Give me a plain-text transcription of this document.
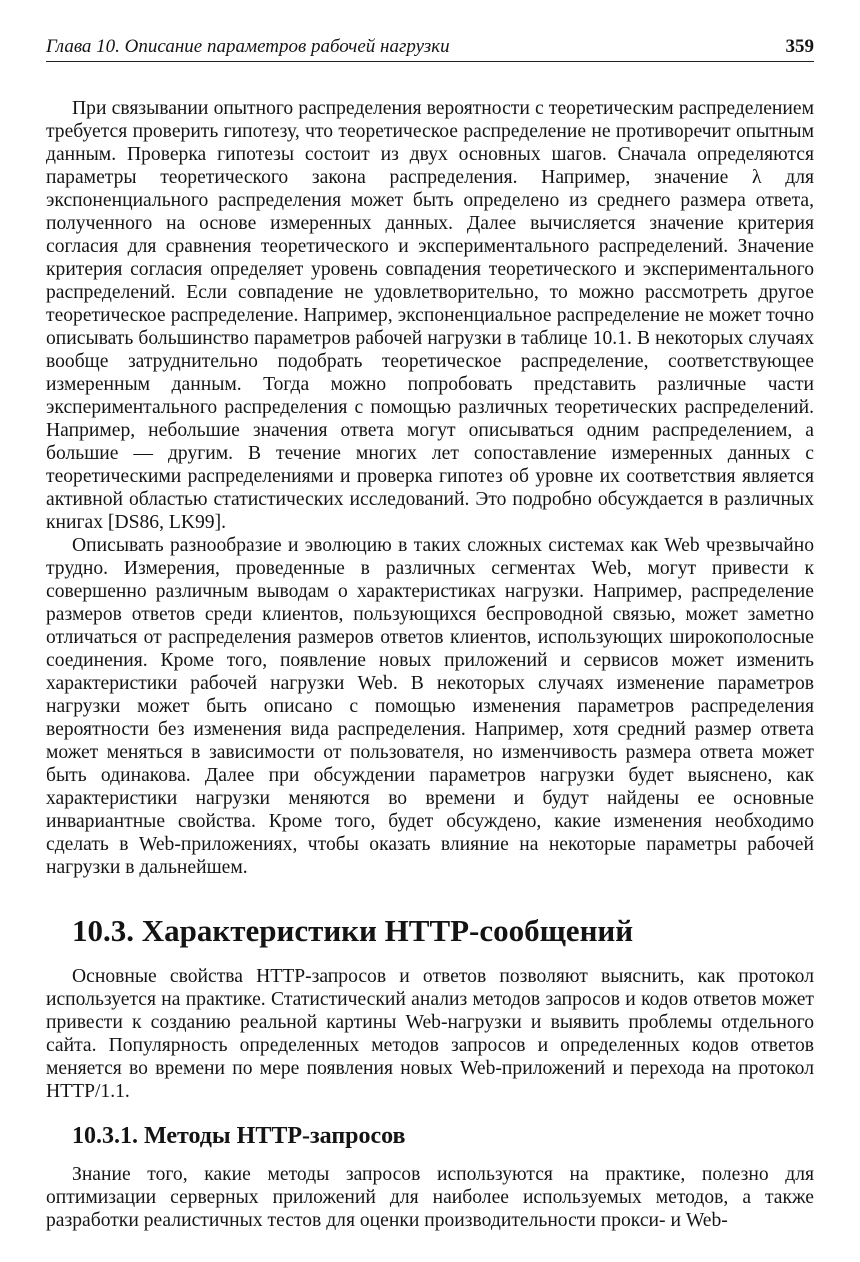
Глава 10. Описание параметров рабочей нагрузки	359

При связывании опытного распределения вероятности с теоретическим распределением требуется проверить гипотезу, что теоретическое распределение не противоречит опытным данным. Проверка гипотезы состоит из двух основных шагов. Сначала определяются параметры теоретического закона распределения. Например, значение λ для экспоненциального распределения может быть определено из среднего размера ответа, полученного на основе измеренных данных. Далее вычисляется значение критерия согласия для сравнения теоретического и экспериментального распределений. Значение критерия согласия определяет уровень совпадения теоретического и экспериментального распределений. Если совпадение не удовлетворительно, то можно рассмотреть другое теоретическое распределение. Например, экспоненциальное распределение не может точно описывать большинство параметров рабочей нагрузки в таблице 10.1. В некоторых случаях вообще затруднительно подобрать теоретическое распределение, соответствующее измеренным данным. Тогда можно попробовать представить различные части экспериментального распределения с помощью различных теоретических распределений. Например, небольшие значения ответа могут описываться одним распределением, а большие — другим. В течение многих лет сопоставление измеренных данных с теоретическими распределениями и проверка гипотез об уровне их соответствия является активной областью статистических исследований. Это подробно обсуждается в различных книгах [DS86, LK99].

Описывать разнообразие и эволюцию в таких сложных системах как Web чрезвычайно трудно. Измерения, проведенные в различных сегментах Web, могут привести к совершенно различным выводам о характеристиках нагрузки. Например, распределение размеров ответов среди клиентов, пользующихся беспроводной связью, может заметно отличаться от распределения размеров ответов клиентов, использующих широкополосные соединения. Кроме того, появление новых приложений и сервисов может изменить характеристики рабочей нагрузки Web. В некоторых случаях изменение параметров нагрузки может быть описано с помощью изменения параметров распределения вероятности без изменения вида распределения. Например, хотя средний размер ответа может меняться в зависимости от пользователя, но изменчивость размера ответа может быть одинакова. Далее при обсуждении параметров нагрузки будет выяснено, как характеристики нагрузки меняются во времени и будут найдены ее основные инвариантные свойства. Кроме того, будет обсуждено, какие изменения необходимо сделать в Web-приложениях, чтобы оказать влияние на некоторые параметры рабочей нагрузки в дальнейшем.

10.3. Характеристики HTTP-сообщений

Основные свойства HTTP-запросов и ответов позволяют выяснить, как протокол используется на практике. Статистический анализ методов запросов и кодов ответов может привести к созданию реальной картины Web-нагрузки и выявить проблемы отдельного сайта. Популярность определенных методов запросов и определенных кодов ответов меняется во времени по мере появления новых Web-приложений и перехода на протокол HTTP/1.1.

10.3.1. Методы HTTP-запросов

Знание того, какие методы запросов используются на практике, полезно для оптимизации серверных приложений для наиболее используемых методов, а также разработки реалистичных тестов для оценки производительности прокси- и Web-
